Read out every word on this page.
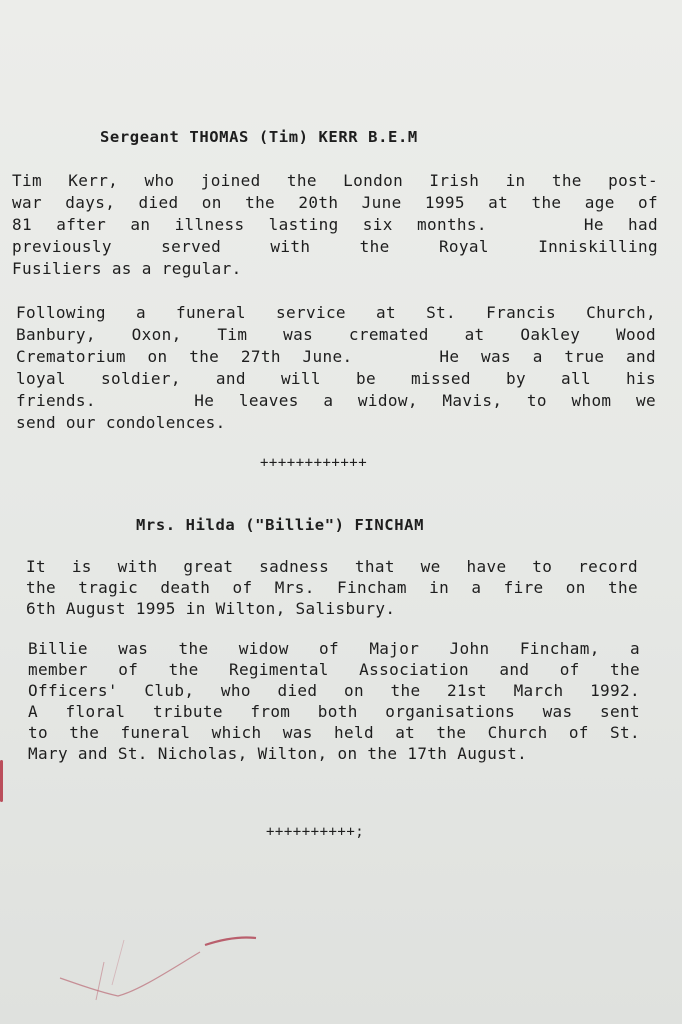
Sergeant THOMAS (Tim) KERR B.E.M
Tim Kerr, who joined the London Irish in the post-
war days, died on the 20th June 1995 at the age of
81 after an illness lasting six months.    He had
previously served with the Royal Inniskilling
Fusiliers as a regular.
Following a funeral service at St. Francis Church,
Banbury, Oxon, Tim was cremated at Oakley Wood
Crematorium on the 27th June.    He was a true and
loyal soldier, and will be missed by all his
friends.    He leaves a widow, Mavis, to whom we
send our condolences.
++++++++++++
Mrs. Hilda ("Billie") FINCHAM
It is with great sadness that we have to record
the tragic death of Mrs. Fincham in a fire on the
6th August 1995 in Wilton, Salisbury.
Billie was the widow of Major John Fincham, a
member of the Regimental Association and of the
Officers' Club, who died on the 21st March 1992.
A floral tribute from both organisations was sent
to the funeral which was held at the Church of St.
Mary and St. Nicholas, Wilton, on the 17th August.
++++++++++;
